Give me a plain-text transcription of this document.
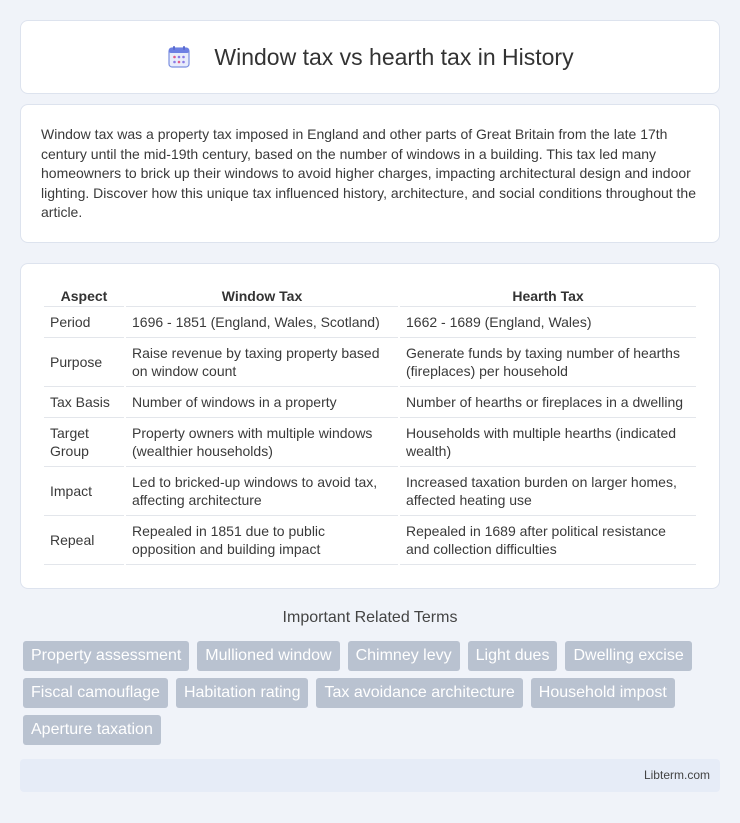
Window tax vs hearth tax in History

Window tax was a property tax imposed in England and other parts of Great Britain from the late 17th century until the mid-19th century, based on the number of windows in a building. This tax led many homeowners to brick up their windows to avoid higher charges, impacting architectural design and indoor lighting. Discover how this unique tax influenced history, architecture, and social conditions throughout the article.

Aspect	Window Tax	Hearth Tax
Period	1696 - 1851 (England, Wales, Scotland)	1662 - 1689 (England, Wales)
Purpose	Raise revenue by taxing property based on window count	Generate funds by taxing number of hearths (fireplaces) per household
Tax Basis	Number of windows in a property	Number of hearths or fireplaces in a dwelling
Target Group	Property owners with multiple windows (wealthier households)	Households with multiple hearths (indicated wealth)
Impact	Led to bricked-up windows to avoid tax, affecting architecture	Increased taxation burden on larger homes, affected heating use
Repeal	Repealed in 1851 due to public opposition and building impact	Repealed in 1689 after political resistance and collection difficulties
Important Related Terms
Property assessment	Mullioned window	Chimney levy	Light dues	Dwelling excise
Fiscal camouflage	Habitation rating	Tax avoidance architecture	Household impost
Aperture taxation
Libterm.com
